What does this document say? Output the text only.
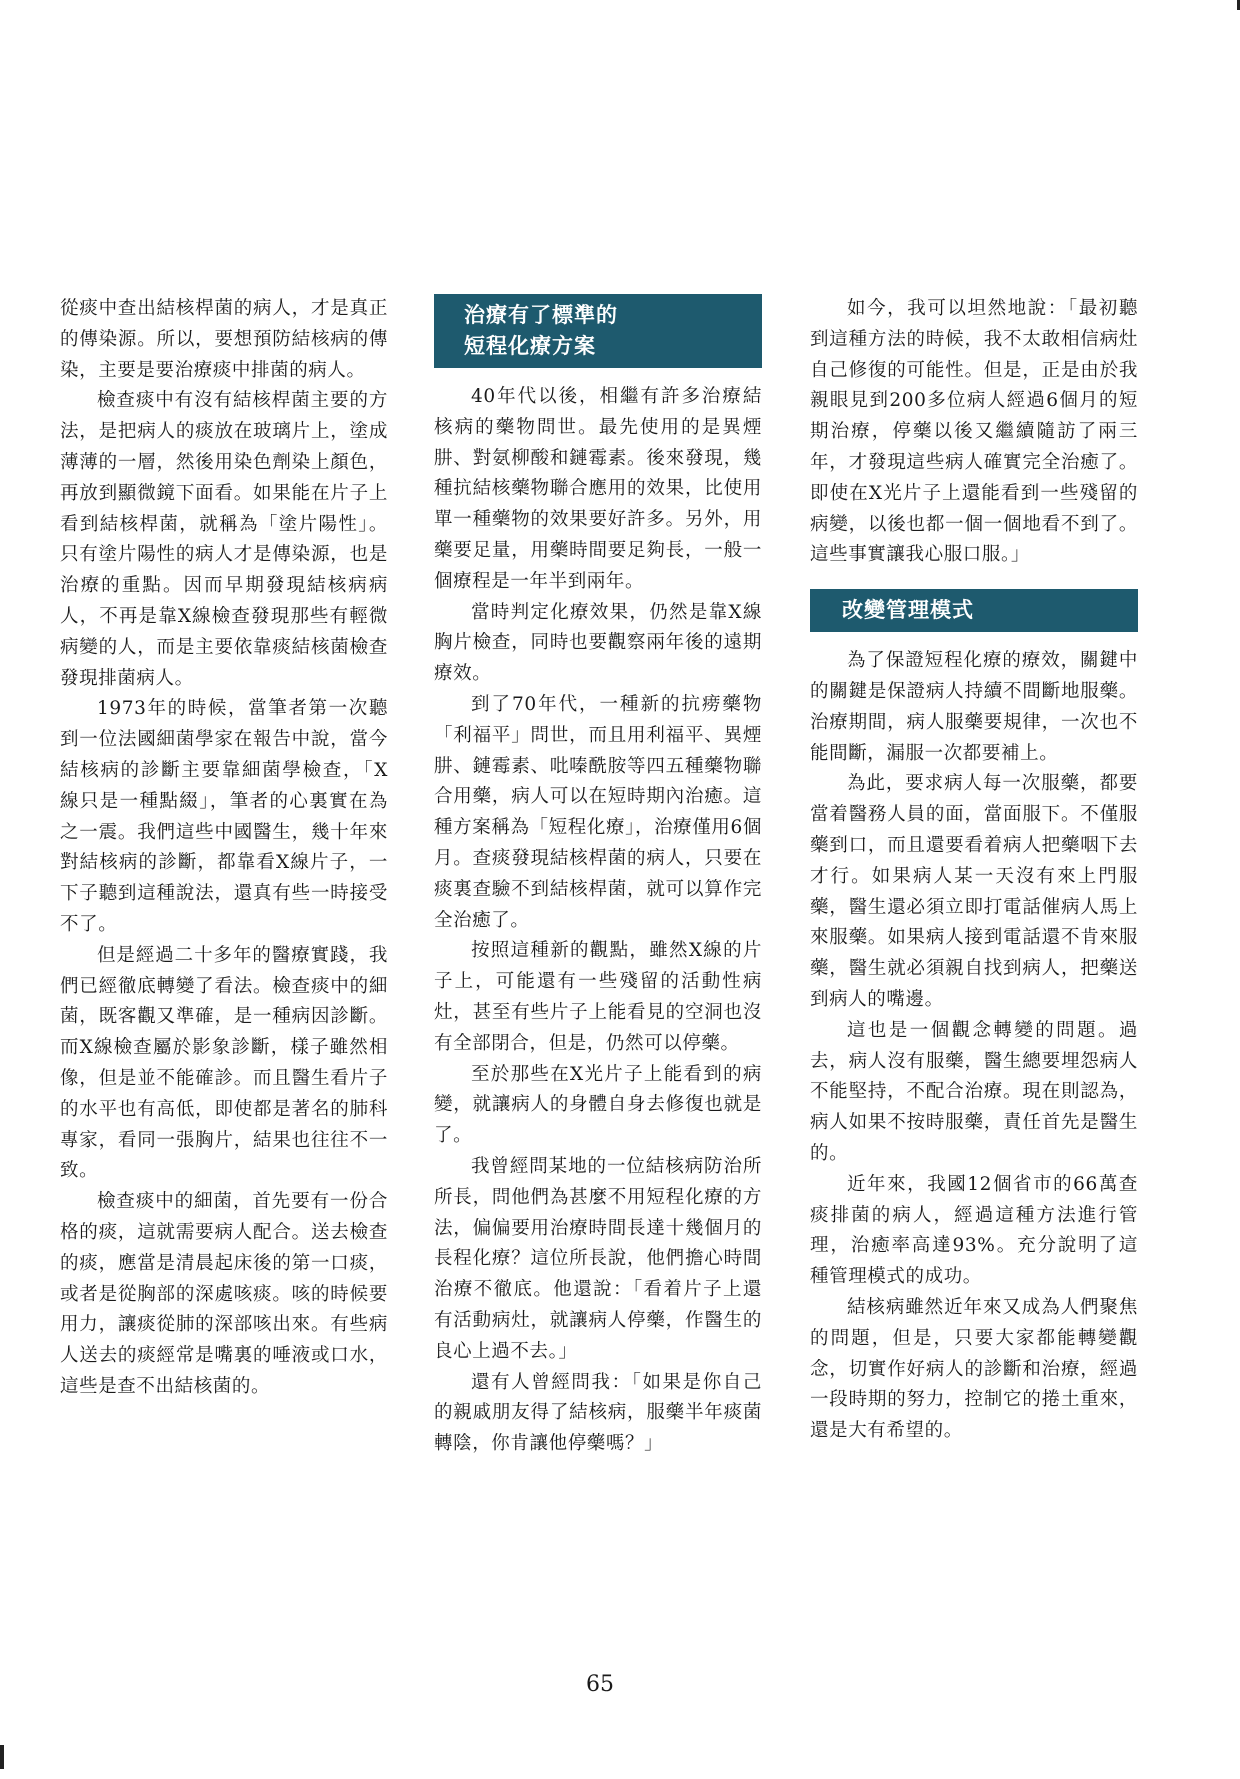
從痰中查出結核桿菌的病人，才是真正的傳染源。所以，要想預防結核病的傳染，主要是要治療痰中排菌的病人。

檢查痰中有沒有結核桿菌主要的方法，是把病人的痰放在玻璃片上，塗成薄薄的一層，然後用染色劑染上顏色，再放到顯微鏡下面看。如果能在片子上看到結核桿菌，就稱為「塗片陽性」。只有塗片陽性的病人才是傳染源，也是治療的重點。因而早期發現結核病病人，不再是靠X線檢查發現那些有輕微病變的人，而是主要依靠痰結核菌檢查發現排菌病人。

1973年的時候，當筆者第一次聽到一位法國細菌學家在報告中說，當今結核病的診斷主要靠細菌學檢查，「X線只是一種點綴」，筆者的心裏實在為之一震。我們這些中國醫生，幾十年來對結核病的診斷，都靠看X線片子，一下子聽到這種說法，還真有些一時接受不了。

但是經過二十多年的醫療實踐，我們已經徹底轉變了看法。檢查痰中的細菌，既客觀又準確，是一種病因診斷。而X線檢查屬於影象診斷，樣子雖然相像，但是並不能確診。而且醫生看片子的水平也有高低，即使都是著名的肺科專家，看同一張胸片，結果也往往不一致。

檢查痰中的細菌，首先要有一份合格的痰，這就需要病人配合。送去檢查的痰，應當是清晨起床後的第一口痰，或者是從胸部的深處咳痰。咳的時候要用力，讓痰從肺的深部咳出來。有些病人送去的痰經常是嘴裏的唾液或口水，這些是查不出結核菌的。

治療有了標準的
短程化療方案

40年代以後，相繼有許多治療結核病的藥物問世。最先使用的是異煙肼、對氨柳酸和鏈霉素。後來發現，幾種抗結核藥物聯合應用的效果，比使用單一種藥物的效果要好許多。另外，用藥要足量，用藥時間要足夠長，一般一個療程是一年半到兩年。

當時判定化療效果，仍然是靠X線胸片檢查，同時也要觀察兩年後的遠期療效。

到了70年代，一種新的抗痨藥物「利福平」問世，而且用利福平、異煙肼、鏈霉素、吡嗪酰胺等四五種藥物聯合用藥，病人可以在短時期內治癒。這種方案稱為「短程化療」，治療僅用6個月。查痰發現結核桿菌的病人，只要在痰裏查驗不到結核桿菌，就可以算作完全治癒了。

按照這種新的觀點，雖然X線的片子上，可能還有一些殘留的活動性病灶，甚至有些片子上能看見的空洞也沒有全部閉合，但是，仍然可以停藥。

至於那些在X光片子上能看到的病變，就讓病人的身體自身去修復也就是了。

我曾經問某地的一位結核病防治所所長，問他們為甚麼不用短程化療的方法，偏偏要用治療時間長達十幾個月的長程化療？這位所長說，他們擔心時間治療不徹底。他還說：「看着片子上還有活動病灶，就讓病人停藥，作醫生的良心上過不去。」

還有人曾經問我：「如果是你自己的親戚朋友得了結核病，服藥半年痰菌轉陰，你肯讓他停藥嗎？」

如今，我可以坦然地說：「最初聽到這種方法的時候，我不太敢相信病灶自己修復的可能性。但是，正是由於我親眼見到200多位病人經過6個月的短期治療，停藥以後又繼續隨訪了兩三年，才發現這些病人確實完全治癒了。即使在X光片子上還能看到一些殘留的病變，以後也都一個一個地看不到了。這些事實讓我心服口服。」

改變管理模式

為了保證短程化療的療效，關鍵中的關鍵是保證病人持續不間斷地服藥。治療期間，病人服藥要規律，一次也不能間斷，漏服一次都要補上。

為此，要求病人每一次服藥，都要當着醫務人員的面，當面服下。不僅服藥到口，而且還要看着病人把藥咽下去才行。如果病人某一天沒有來上門服藥，醫生還必須立即打電話催病人馬上來服藥。如果病人接到電話還不肯來服藥，醫生就必須親自找到病人，把藥送到病人的嘴邊。

這也是一個觀念轉變的問題。過去，病人沒有服藥，醫生總要埋怨病人不能堅持，不配合治療。現在則認為，病人如果不按時服藥，責任首先是醫生的。

近年來，我國12個省市的66萬查痰排菌的病人，經過這種方法進行管理，治癒率高達93%。充分說明了這種管理模式的成功。

結核病雖然近年來又成為人們聚焦的問題，但是，只要大家都能轉變觀念，切實作好病人的診斷和治療，經過一段時期的努力，控制它的捲土重來，還是大有希望的。

65
